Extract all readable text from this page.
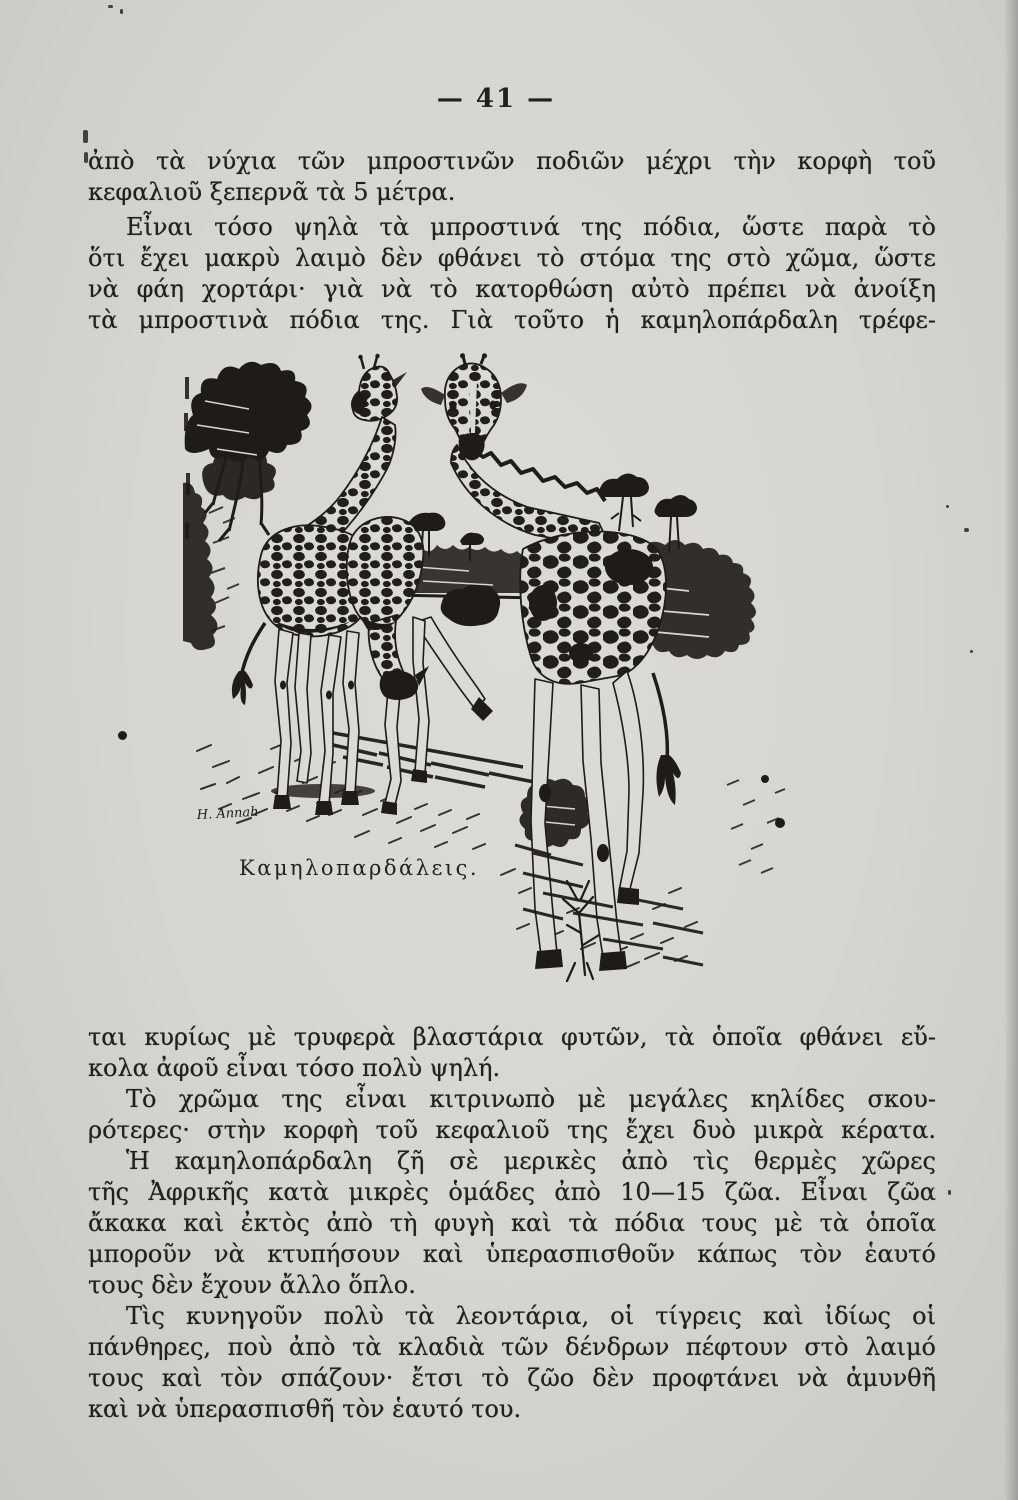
— 41 —

ἀπὸ τὰ νύχια τῶν μπροστινῶν ποδιῶν μέχρι τὴν κορφὴ τοῦ

κεφαλιοῦ ξεπερνᾶ τὰ 5 μέτρα.

Εἶναι τόσο ψηλὰ τὰ μπροστινά της πόδια, ὥστε παρὰ τὸ

ὅτι ἔχει μακρὺ λαιμὸ δὲν φθάνει τὸ στόμα της στὸ χῶμα, ὥστε

νὰ φάη χορτάρι· γιὰ νὰ τὸ κατορθώση αὐτὸ πρέπει νὰ ἀνοίξη

τὰ μπροστινὰ πόδια της. Γιὰ τοῦτο ἡ καμηλοπάρδαλη τρέφε-

H. Annah
Καμηλοπαρδάλεις.

ται κυρίως μὲ τρυφερὰ βλαστάρια φυτῶν, τὰ ὁποῖα φθάνει εὔ-

κολα ἀφοῦ εἶναι τόσο πολὺ ψηλή.

Τὸ χρῶμα της εἶναι κιτρινωπὸ μὲ μεγάλες κηλίδες σκου-

ρότερες· στὴν κορφὴ τοῦ κεφαλιοῦ της ἔχει δυὸ μικρὰ κέρατα.

Ἡ καμηλοπάρδαλη ζῆ σὲ μερικὲς ἀπὸ τὶς θερμὲς χῶρες

τῆς Ἀφρικῆς κατὰ μικρὲς ὁμάδες ἀπὸ 10—15 ζῶα. Εἶναι ζῶα

ἄκακα καὶ ἐκτὸς ἀπὸ τὴ φυγὴ καὶ τὰ πόδια τους μὲ τὰ ὁποῖα

μποροῦν νὰ κτυπήσουν καὶ ὑπερασπισθοῦν κάπως τὸν ἑαυτό

τους δὲν ἔχουν ἄλλο ὅπλο.

Τὶς κυνηγοῦν πολὺ τὰ λεοντάρια, οἱ τίγρεις καὶ ἰδίως οἱ

πάνθηρες, ποὺ ἀπὸ τὰ κλαδιὰ τῶν δένδρων πέφτουν στὸ λαιμό

τους καὶ τὸν σπάζουν· ἔτσι τὸ ζῶο δὲν προφτάνει νὰ ἀμυνθῆ

καὶ νὰ ὑπερασπισθῆ τὸν ἑαυτό του.
